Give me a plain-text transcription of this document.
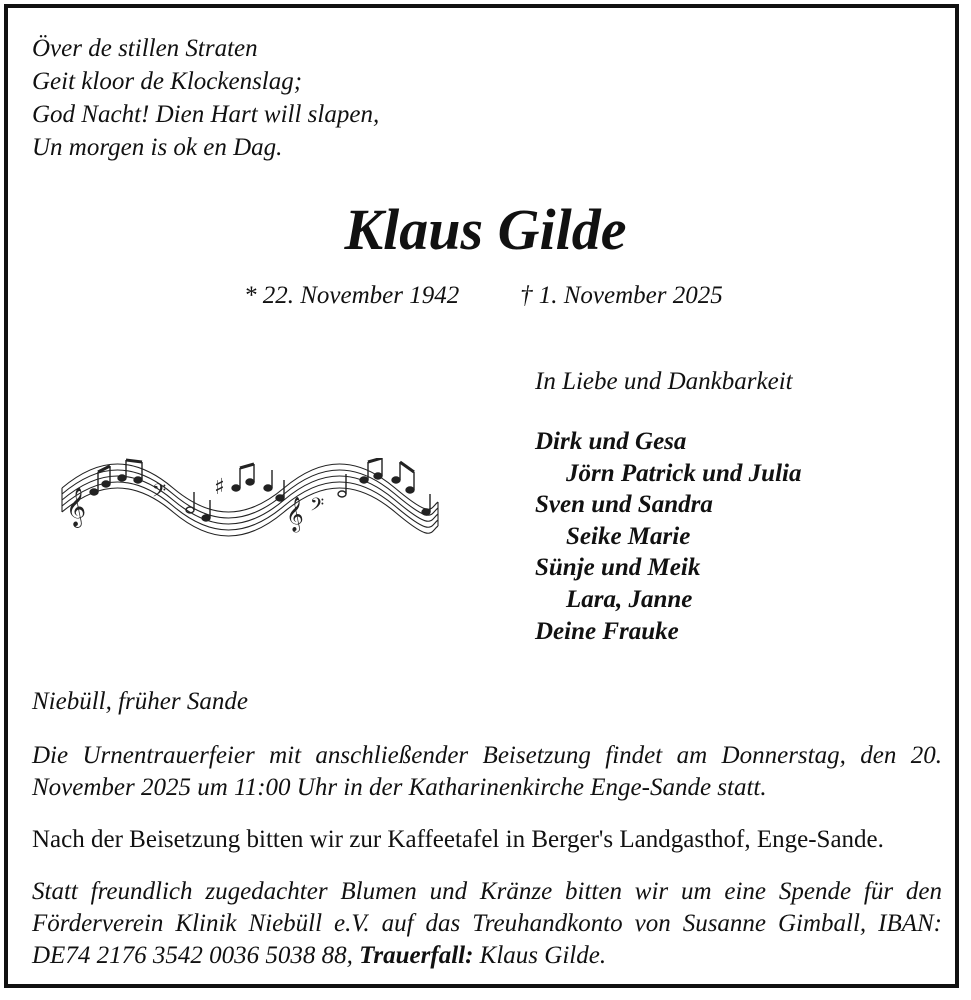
Över de stillen Straten
Geit kloor de Klockenslag;
God Nacht! Dien Hart will slapen,
Un morgen is ok en Dag.
Klaus Gilde
* 22. November 1942 † 1. November 2025
In Liebe und Dankbarkeit
Dirk und Gesa
Jörn Patrick und Julia
Sven und Sandra
Seike Marie
Sünje und Meik
Lara, Janne
Deine Frauke
𝄞	𝄢 ♯
𝄞 𝄢
Niebüll, früher Sande
Die Urnentrauerfeier mit anschließender Beisetzung findet am Donnerstag, den 20. November 2025 um 11:00 Uhr in der Katharinenkirche Enge-Sande statt.
Nach der Beisetzung bitten wir zur Kaffeetafel in Berger's Landgasthof, Enge-Sande.
Statt freundlich zugedachter Blumen und Kränze bitten wir um eine Spende für den Förderverein Klinik Niebüll e.V. auf das Treuhandkonto von Susanne Gimball, IBAN: DE74 2176 3542 0036 5038 88, Trauerfall: Klaus Gilde.
